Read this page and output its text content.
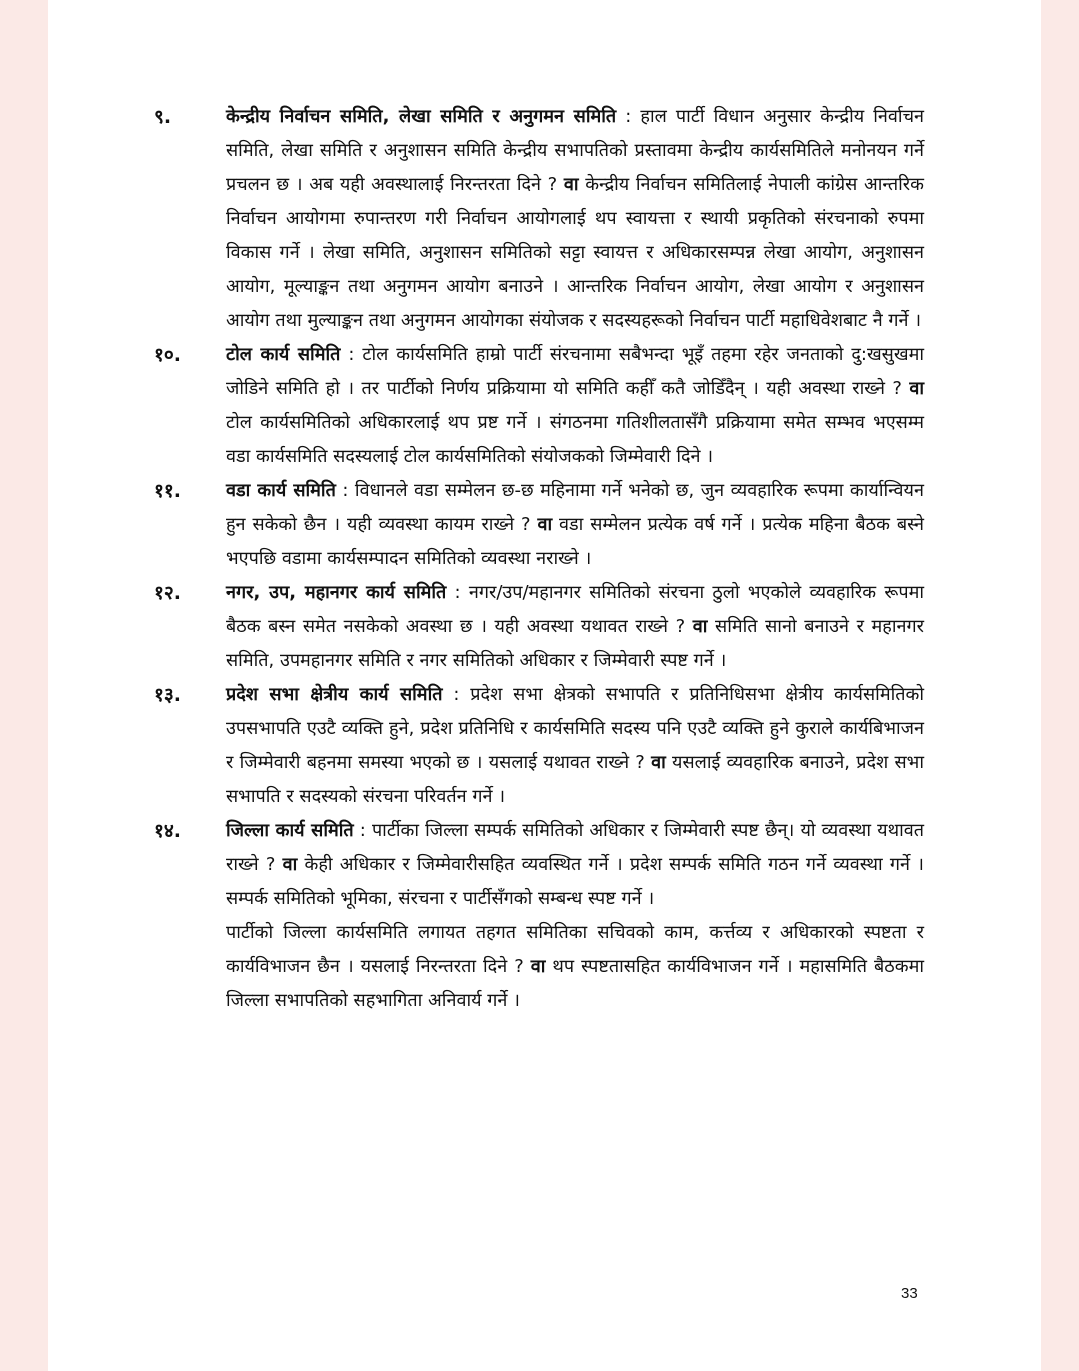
९.	केन्द्रीय निर्वाचन समिति, लेखा समिति र अनुगमन समिति : हाल पार्टी विधान अनुसार केन्द्रीय निर्वाचन समिति, लेखा समिति र अनुशासन समिति केन्द्रीय सभापतिको प्रस्तावमा केन्द्रीय कार्यसमितिले मनोनयन गर्ने प्रचलन छ । अब यही अवस्थालाई निरन्तरता दिने ? वा केन्द्रीय निर्वाचन समितिलाई नेपाली कांग्रेस आन्तरिक निर्वाचन आयोगमा रुपान्तरण गरी निर्वाचन आयोगलाई थप स्वायत्ता र स्थायी प्रकृतिको संरचनाको रुपमा विकास गर्ने । लेखा समिति, अनुशासन समितिको सट्टा स्वायत्त र अधिकारसम्पन्न लेखा आयोग, अनुशासन आयोग, मूल्याङ्कन तथा अनुगमन आयोग बनाउने । आन्तरिक निर्वाचन आयोग, लेखा आयोग र अनुशासन आयोग तथा मुल्याङ्कन तथा अनुगमन आयोगका संयोजक र सदस्यहरूको निर्वाचन पार्टी महाधिवेशबाट नै गर्ने ।
१०.	टोल कार्य समिति : टोल कार्यसमिति हाम्रो पार्टी संरचनामा सबैभन्दा भूइँ तहमा रहेर जनताको दु:खसुखमा जोडिने समिति हो । तर पार्टीको निर्णय प्रक्रियामा यो समिति कहीँ कतै जोडिँदैन् । यही अवस्था राख्ने ? वा टोल कार्यसमितिको अधिकारलाई थप प्रष्ट गर्ने । संगठनमा गतिशीलतासँगै प्रक्रियामा समेत सम्भव भएसम्म वडा कार्यसमिति सदस्यलाई टोल कार्यसमितिको संयोजकको जिम्मेवारी दिने ।
११.	वडा कार्य समिति : विधानले वडा सम्मेलन छ-छ महिनामा गर्ने भनेको छ, जुन व्यवहारिक रूपमा कार्यान्वियन हुन सकेको छैन । यही व्यवस्था कायम राख्ने ? वा वडा सम्मेलन प्रत्येक वर्ष गर्ने । प्रत्येक महिना बैठक बस्ने भएपछि वडामा कार्यसम्पादन समितिको व्यवस्था नराख्ने ।
१२.	नगर, उप, महानगर कार्य समिति : नगर/उप/महानगर समितिको संरचना ठुलो भएकोले व्यवहारिक रूपमा बैठक बस्न समेत नसकेको अवस्था छ । यही अवस्था यथावत राख्ने ? वा समिति सानो बनाउने र महानगर समिति, उपमहानगर समिति र नगर समितिको अधिकार र जिम्मेवारी स्पष्ट गर्ने ।
१३.	प्रदेश सभा क्षेत्रीय कार्य समिति : प्रदेश सभा क्षेत्रको सभापति र प्रतिनिधिसभा क्षेत्रीय कार्यसमितिको उपसभापति एउटै व्यक्ति हुने, प्रदेश प्रतिनिधि र कार्यसमिति सदस्य पनि एउटै व्यक्ति हुने कुराले कार्यबिभाजन र जिम्मेवारी बहनमा समस्या भएको छ । यसलाई यथावत राख्ने ? वा यसलाई व्यवहारिक बनाउने, प्रदेश सभा सभापति र सदस्यको संरचना परिवर्तन गर्ने ।
१४.	जिल्ला कार्य समिति : पार्टीका जिल्ला सम्पर्क समितिको अधिकार र जिम्मेवारी स्पष्ट छैन्। यो व्यवस्था यथावत राख्ने ? वा केही अधिकार र जिम्मेवारीसहित व्यवस्थित गर्ने । प्रदेश सम्पर्क समिति गठन गर्ने व्यवस्था गर्ने । सम्पर्क समितिको भूमिका, संरचना र पार्टीसँगको सम्बन्ध स्पष्ट गर्ने ।
पार्टीको जिल्ला कार्यसमिति लगायत तहगत समितिका सचिवको काम, कर्त्तव्य र अधिकारको स्पष्टता र कार्यविभाजन छैन । यसलाई निरन्तरता दिने ? वा थप स्पष्टतासहित कार्यविभाजन गर्ने । महासमिति बैठकमा जिल्ला सभापतिको सहभागिता अनिवार्य गर्ने ।
33
